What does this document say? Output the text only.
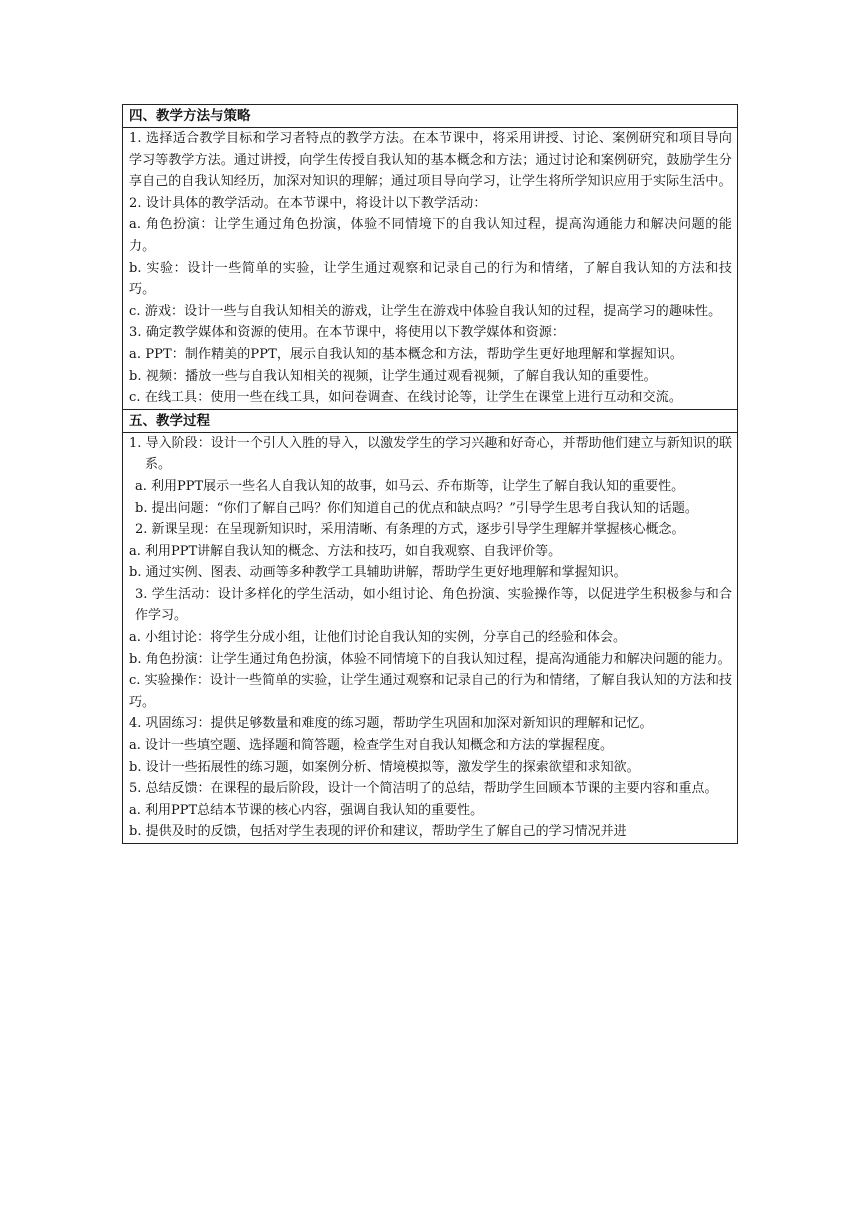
四、教学方法与策略

1. 选择适合教学目标和学习者特点的教学方法。在本节课中，将采用讲授、讨论、案例研究和项目导向学习等教学方法。通过讲授，向学生传授自我认知的基本概念和方法；通过讨论和案例研究，鼓励学生分享自己的自我认知经历，加深对知识的理解；通过项目导向学习，让学生将所学知识应用于实际生活中。

2. 设计具体的教学活动。在本节课中，将设计以下教学活动：

a. 角色扮演：让学生通过角色扮演，体验不同情境下的自我认知过程，提高沟通能力和解决问题的能力。

b. 实验：设计一些简单的实验，让学生通过观察和记录自己的行为和情绪，了解自我认知的方法和技巧。

c. 游戏：设计一些与自我认知相关的游戏，让学生在游戏中体验自我认知的过程，提高学习的趣味性。

3. 确定教学媒体和资源的使用。在本节课中，将使用以下教学媒体和资源：

a. PPT：制作精美的PPT，展示自我认知的基本概念和方法，帮助学生更好地理解和掌握知识。

b. 视频：播放一些与自我认知相关的视频，让学生通过观看视频，了解自我认知的重要性。

c. 在线工具：使用一些在线工具，如问卷调查、在线讨论等，让学生在课堂上进行互动和交流。

五、教学过程

1. 导入阶段：设计一个引人入胜的导入，以激发学生的学习兴趣和好奇心，并帮助他们建立与新知识的联系。

a. 利用PPT展示一些名人自我认知的故事，如马云、乔布斯等，让学生了解自我认知的重要性。

b. 提出问题：“你们了解自己吗？你们知道自己的优点和缺点吗？”引导学生思考自我认知的话题。

2. 新课呈现：在呈现新知识时，采用清晰、有条理的方式，逐步引导学生理解并掌握核心概念。

a. 利用PPT讲解自我认知的概念、方法和技巧，如自我观察、自我评价等。

b. 通过实例、图表、动画等多种教学工具辅助讲解，帮助学生更好地理解和掌握知识。

3. 学生活动：设计多样化的学生活动，如小组讨论、角色扮演、实验操作等，以促进学生积极参与和合作学习。

a. 小组讨论：将学生分成小组，让他们讨论自我认知的实例，分享自己的经验和体会。

b. 角色扮演：让学生通过角色扮演，体验不同情境下的自我认知过程，提高沟通能力和解决问题的能力。

c. 实验操作：设计一些简单的实验，让学生通过观察和记录自己的行为和情绪，了解自我认知的方法和技巧。

4. 巩固练习：提供足够数量和难度的练习题，帮助学生巩固和加深对新知识的理解和记忆。

a. 设计一些填空题、选择题和简答题，检查学生对自我认知概念和方法的掌握程度。

b. 设计一些拓展性的练习题，如案例分析、情境模拟等，激发学生的探索欲望和求知欲。

5. 总结反馈：在课程的最后阶段，设计一个简洁明了的总结，帮助学生回顾本节课的主要内容和重点。

a. 利用PPT总结本节课的核心内容，强调自我认知的重要性。

b. 提供及时的反馈，包括对学生表现的评价和建议，帮助学生了解自己的学习情况并进
